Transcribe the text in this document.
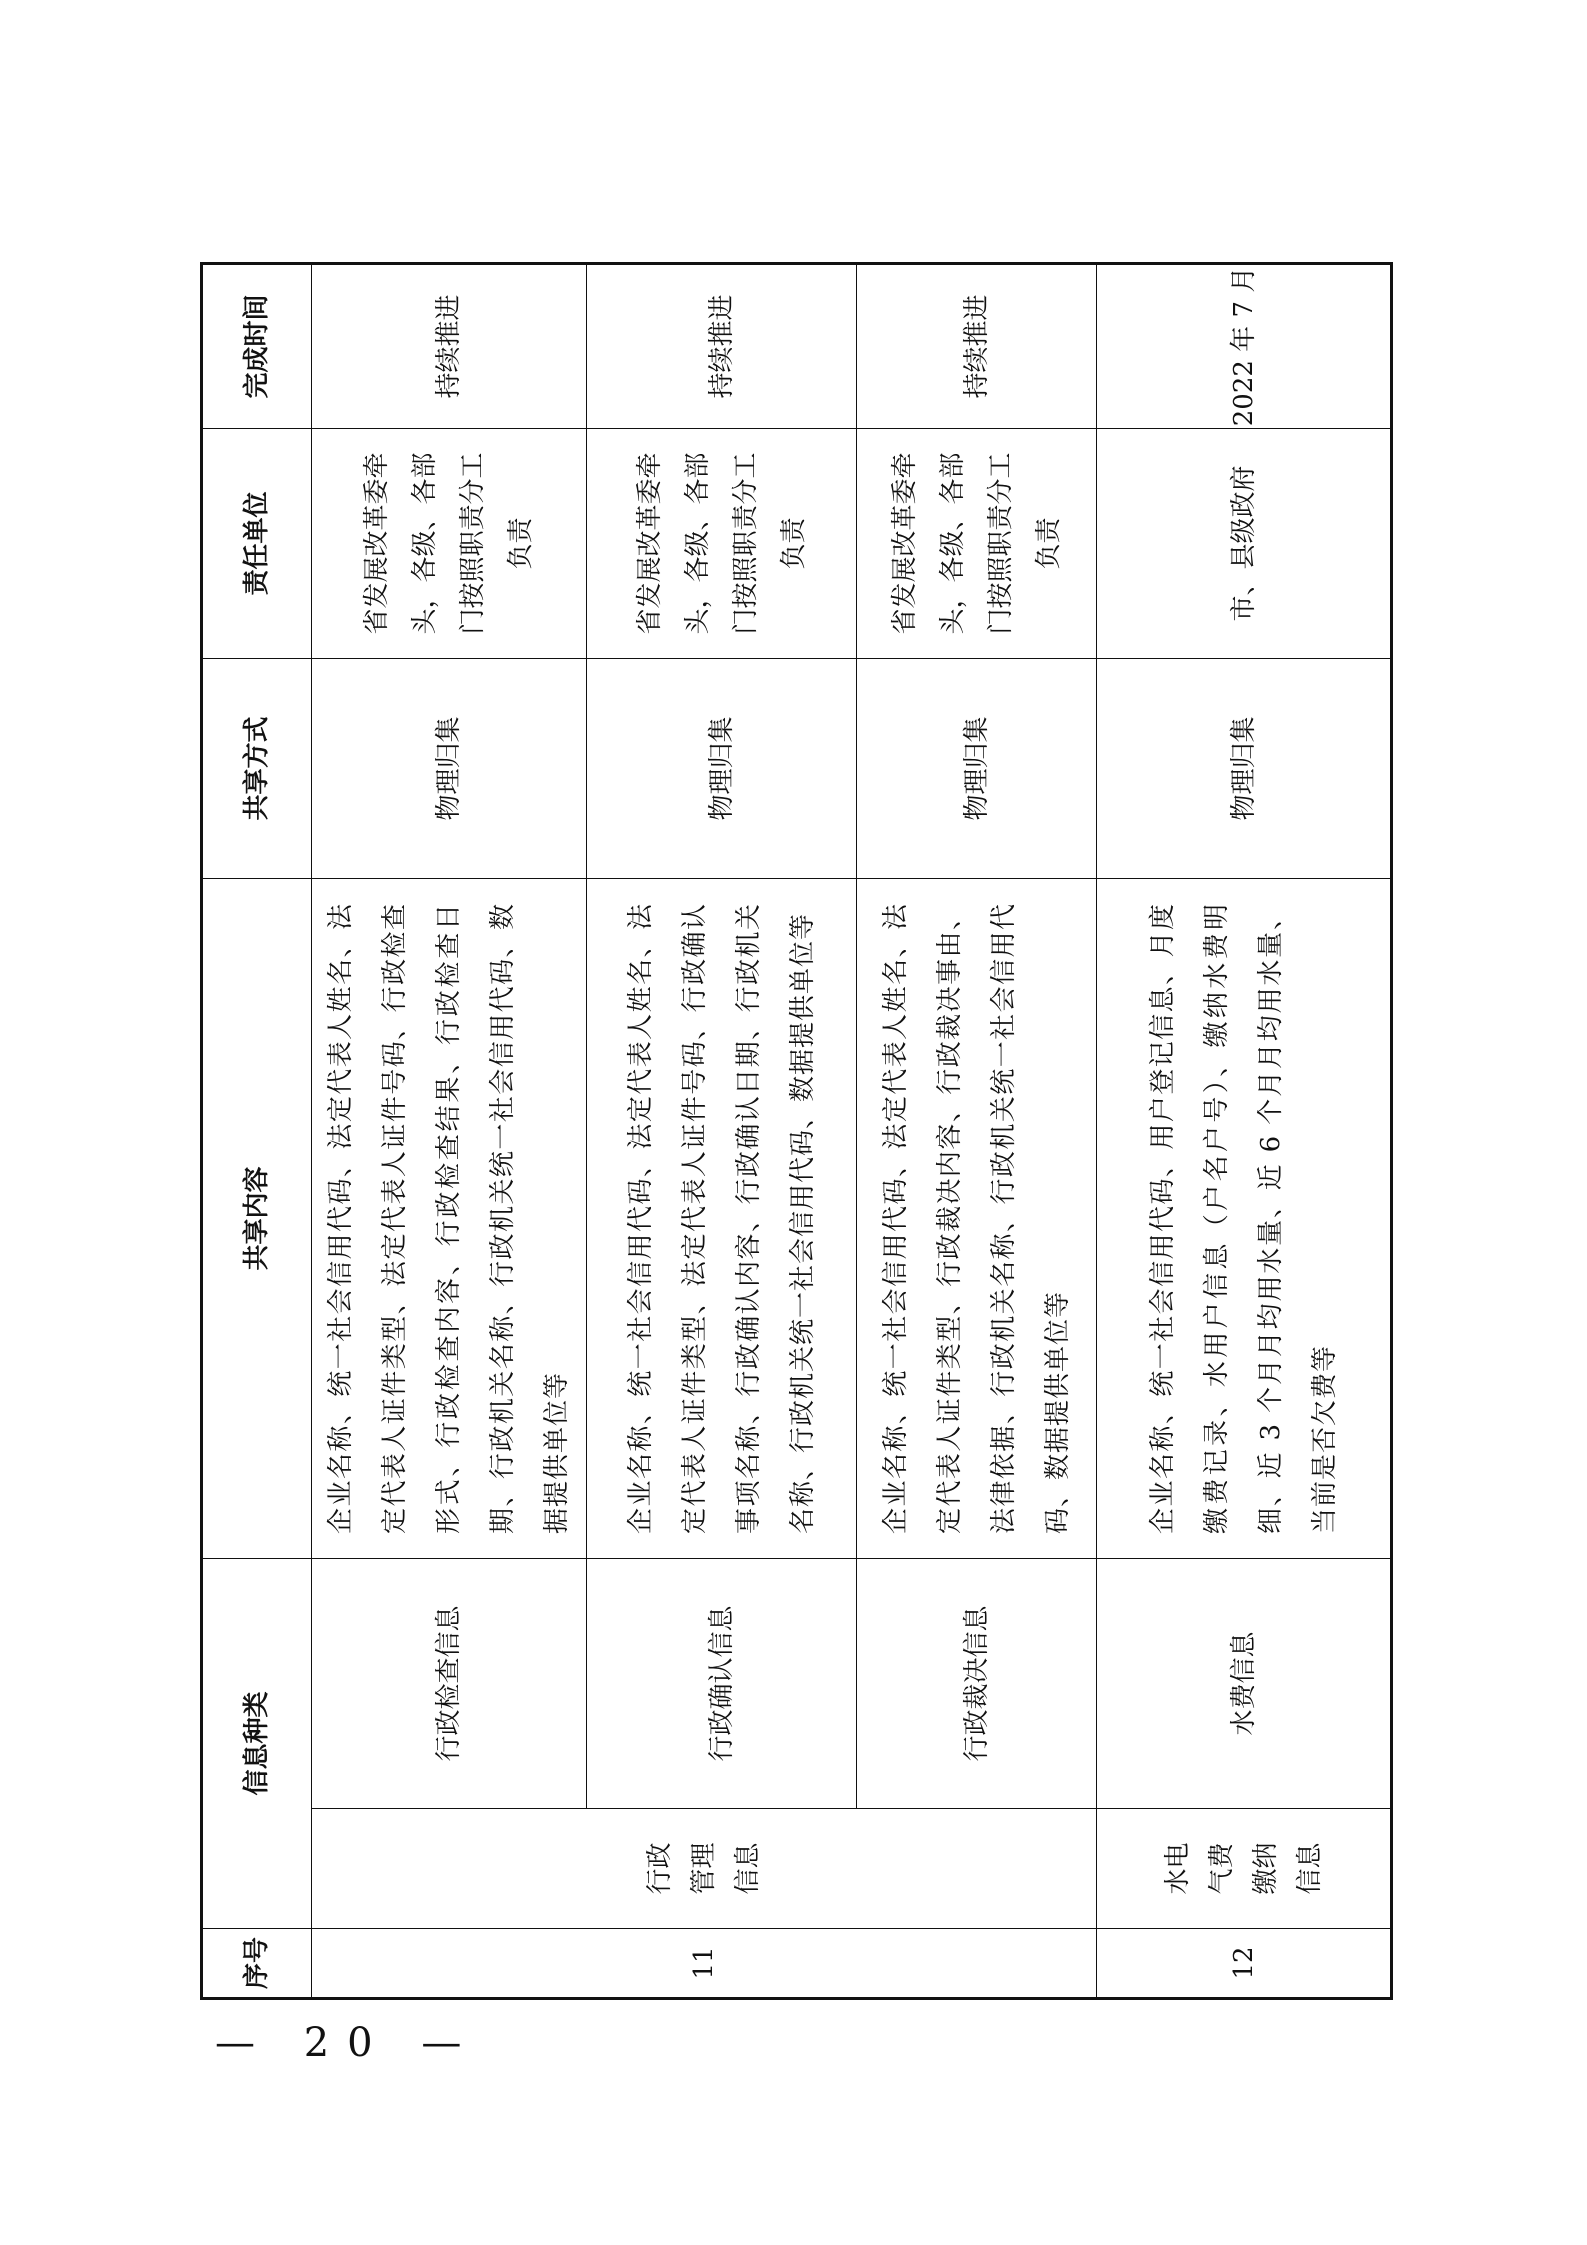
序号	信息种类		共享内容	共享方式	责任单位	完成时间
11	行政 管理 信息	行政检查信息	企业名称、统一社会信用代码、法定代表人姓名、法定代表人证件类型、法定代表人证件号码、行政检查形式、行政检查内容、行政检查结果、行政检查日期、行政机关名称、行政机关统一社会信用代码、数据提供单位等	物理归集	省发展改革委牵头，各级、各部门按照职责分工负责	持续推进
		行政确认信息	企业名称、统一社会信用代码、法定代表人姓名、法定代表人证件类型、法定代表人证件号码、行政确认事项名称、行政确认内容、行政确认日期、行政机关名称、行政机关统一社会信用代码、数据提供单位等	物理归集	省发展改革委牵头，各级、各部门按照职责分工负责	持续推进
		行政裁决信息	企业名称、统一社会信用代码、法定代表人姓名、法定代表人证件类型、行政裁决内容、行政裁决事由、法律依据、行政机关名称、行政机关统一社会信用代码、数据提供单位等	物理归集	省发展改革委牵头，各级、各部门按照职责分工负责	持续推进
12	水电 气费 缴纳 信息	水费信息	企业名称、统一社会信用代码、用户登记信息、月度缴费记录、水用户信息（户名户号）、缴纳水费明细、近 3 个月月均用水量、近 6 个月月均用水量、当前是否欠费等	物理归集	市、县级政府	2022 年 7 月
— 20 —
